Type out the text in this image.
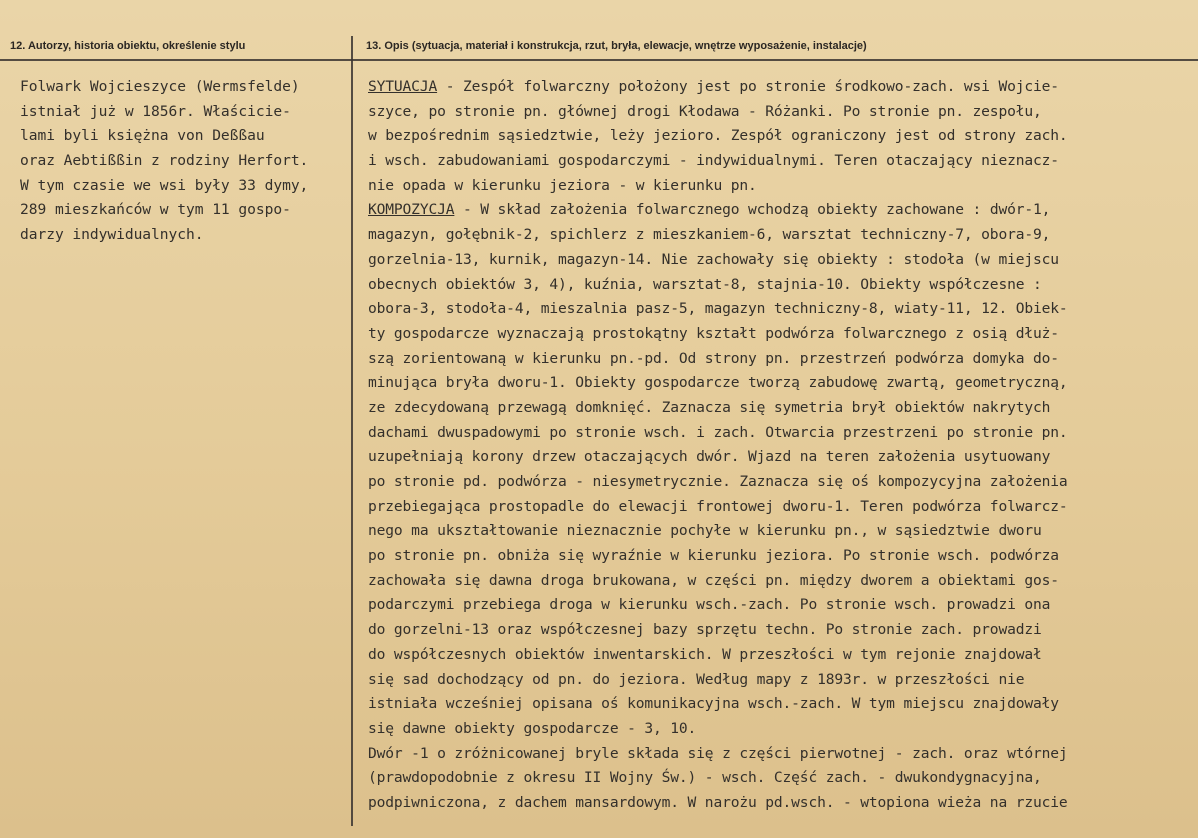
12. Autorzy, historia obiektu, określenie stylu	13. Opis (sytuacja, materiał i konstrukcja, rzut, bryła, elewacje, wnętrze wyposażenie, instalacje)
Folwark Wojcieszyce (Wermsfelde)
istniał już w 1856r. Właścicie-
lami byli księżna von Deßßau
oraz Aebtißßin z rodziny Herfort.
W tym czasie we wsi były 33 dymy,
289 mieszkańców w tym 11 gospo-
darzy indywidualnych.
SYTUACJA - Zespół folwarczny położony jest po stronie środkowo-zach. wsi Wojcie-
szyce, po stronie pn. głównej drogi Kłodawa - Różanki. Po stronie pn. zespołu,
w bezpośrednim sąsiedztwie, leży jezioro. Zespół ograniczony jest od strony zach.
i wsch. zabudowaniami gospodarczymi - indywidualnymi. Teren otaczający nieznacz-
nie opada w kierunku jeziora - w kierunku pn.
KOMPOZYCJA - W skład założenia folwarcznego wchodzą obiekty zachowane : dwór-1,
magazyn, gołębnik-2, spichlerz z mieszkaniem-6, warsztat techniczny-7, obora-9,
gorzelnia-13, kurnik, magazyn-14. Nie zachowały się obiekty : stodoła (w miejscu
obecnych obiektów 3, 4), kuźnia, warsztat-8, stajnia-10. Obiekty współczesne :
obora-3, stodoła-4, mieszalnia pasz-5, magazyn techniczny-8, wiaty-11, 12. Obiek-
ty gospodarcze wyznaczają prostokątny kształt podwórza folwarcznego z osią dłuż-
szą zorientowaną w kierunku pn.-pd. Od strony pn. przestrzeń podwórza domyka do-
minująca bryła dworu-1. Obiekty gospodarcze tworzą zabudowę zwartą, geometryczną,
ze zdecydowaną przewagą domknięć. Zaznacza się symetria brył obiektów nakrytych
dachami dwuspadowymi po stronie wsch. i zach. Otwarcia przestrzeni po stronie pn.
uzupełniają korony drzew otaczających dwór. Wjazd na teren założenia usytuowany
po stronie pd. podwórza - niesymetrycznie. Zaznacza się oś kompozycyjna założenia
przebiegająca prostopadle do elewacji frontowej dworu-1. Teren podwórza folwarcz-
nego ma ukształtowanie nieznacznie pochyłe w kierunku pn., w sąsiedztwie dworu
po stronie pn. obniża się wyraźnie w kierunku jeziora. Po stronie wsch. podwórza
zachowała się dawna droga brukowana, w części pn. między dworem a obiektami gos-
podarczymi przebiega droga w kierunku wsch.-zach. Po stronie wsch. prowadzi ona
do gorzelni-13 oraz współczesnej bazy sprzętu techn. Po stronie zach. prowadzi
do współczesnych obiektów inwentarskich. W przeszłości w tym rejonie znajdował
się sad dochodzący od pn. do jeziora. Według mapy z 1893r. w przeszłości nie
istniała wcześniej opisana oś komunikacyjna wsch.-zach. W tym miejscu znajdowały
się dawne obiekty gospodarcze - 3, 10.
Dwór -1 o zróżnicowanej bryle składa się z części pierwotnej - zach. oraz wtórnej
(prawdopodobnie z okresu II Wojny Św.) - wsch. Część zach. - dwukondygnacyjna,
podpiwniczona, z dachem mansardowym. W narożu pd.wsch. - wtopiona wieża na rzucie
